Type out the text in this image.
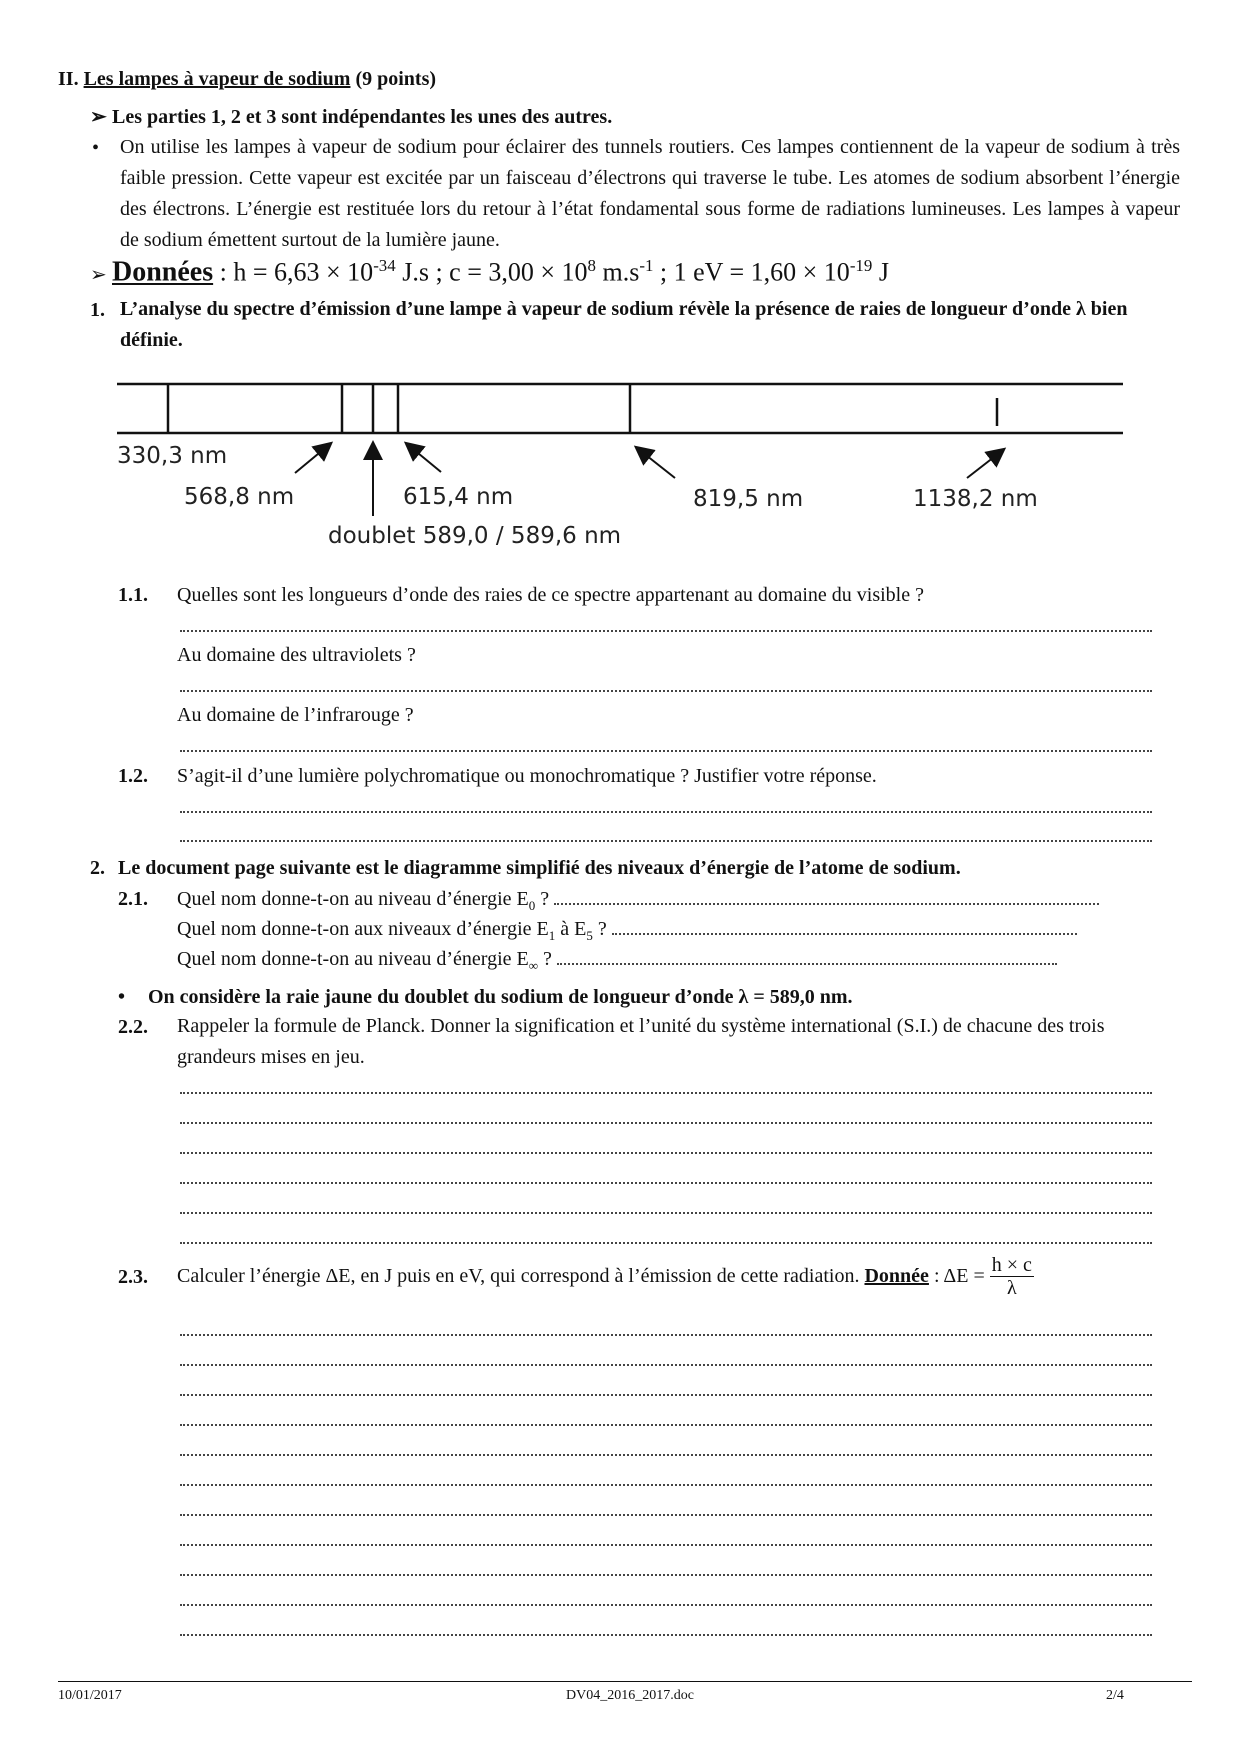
II. Les lampes à vapeur de sodium (9 points)
➢ Les parties 1, 2 et 3 sont indépendantes les unes des autres.
• On utilise les lampes à vapeur de sodium pour éclairer des tunnels routiers. Ces lampes contiennent de la vapeur de sodium à très faible pression. Cette vapeur est excitée par un faisceau d’électrons qui traverse le tube. Les atomes de sodium absorbent l’énergie des électrons. L’énergie est restituée lors du retour à l’état fondamental sous forme de radiations lumineuses. Les lampes à vapeur de sodium émettent surtout de la lumière jaune.
➢ Données : $h = 6,63 \times 10^{-34}$ J.s ; $c = 3,00 \times 10^8$ $m.s^{-1}$ ; 1 eV = $1,60 \times 10^{-19}$ J
1. L’analyse du spectre d’émission d’une lampe à vapeur de sodium révèle la présence de raies de longueur d’onde λ bien définie.
330,3 nm
568,8 nm	615,4 nm	819,5 nm	1138,2 nm
doublet 589,0 / 589,6 nm
1.1. Quelles sont les longueurs d’onde des raies de ce spectre appartenant au domaine du visible ?
Au domaine des ultraviolets ?
Au domaine de l’infrarouge ?
1.2. S’agit-il d’une lumière polychromatique ou monochromatique ? Justifier votre réponse.
2. Le document page suivante est le diagramme simplifié des niveaux d’énergie de l’atome de sodium.
2.1. Quel nom donne-t-on au niveau d’énergie $E_0$ ?
Quel nom donne-t-on aux niveaux d’énergie $E_1$ à $E_5$ ?
Quel nom donne-t-on au niveau d’énergie $E_\infty$ ?
• On considère la raie jaune du doublet du sodium de longueur d’onde λ = 589,0 nm.
2.2. Rappeler la formule de Planck. Donner la signification et l’unité du système international (S.I.) de chacune des trois grandeurs mises en jeu.
2.3. Calculer l’énergie ΔE, en J puis en eV, qui correspond à l’émission de cette radiation. Donnée : $\Delta E = \frac{h \times c}{\lambda}$
10/01/2017	DV04_2016_2017.doc	2/4
